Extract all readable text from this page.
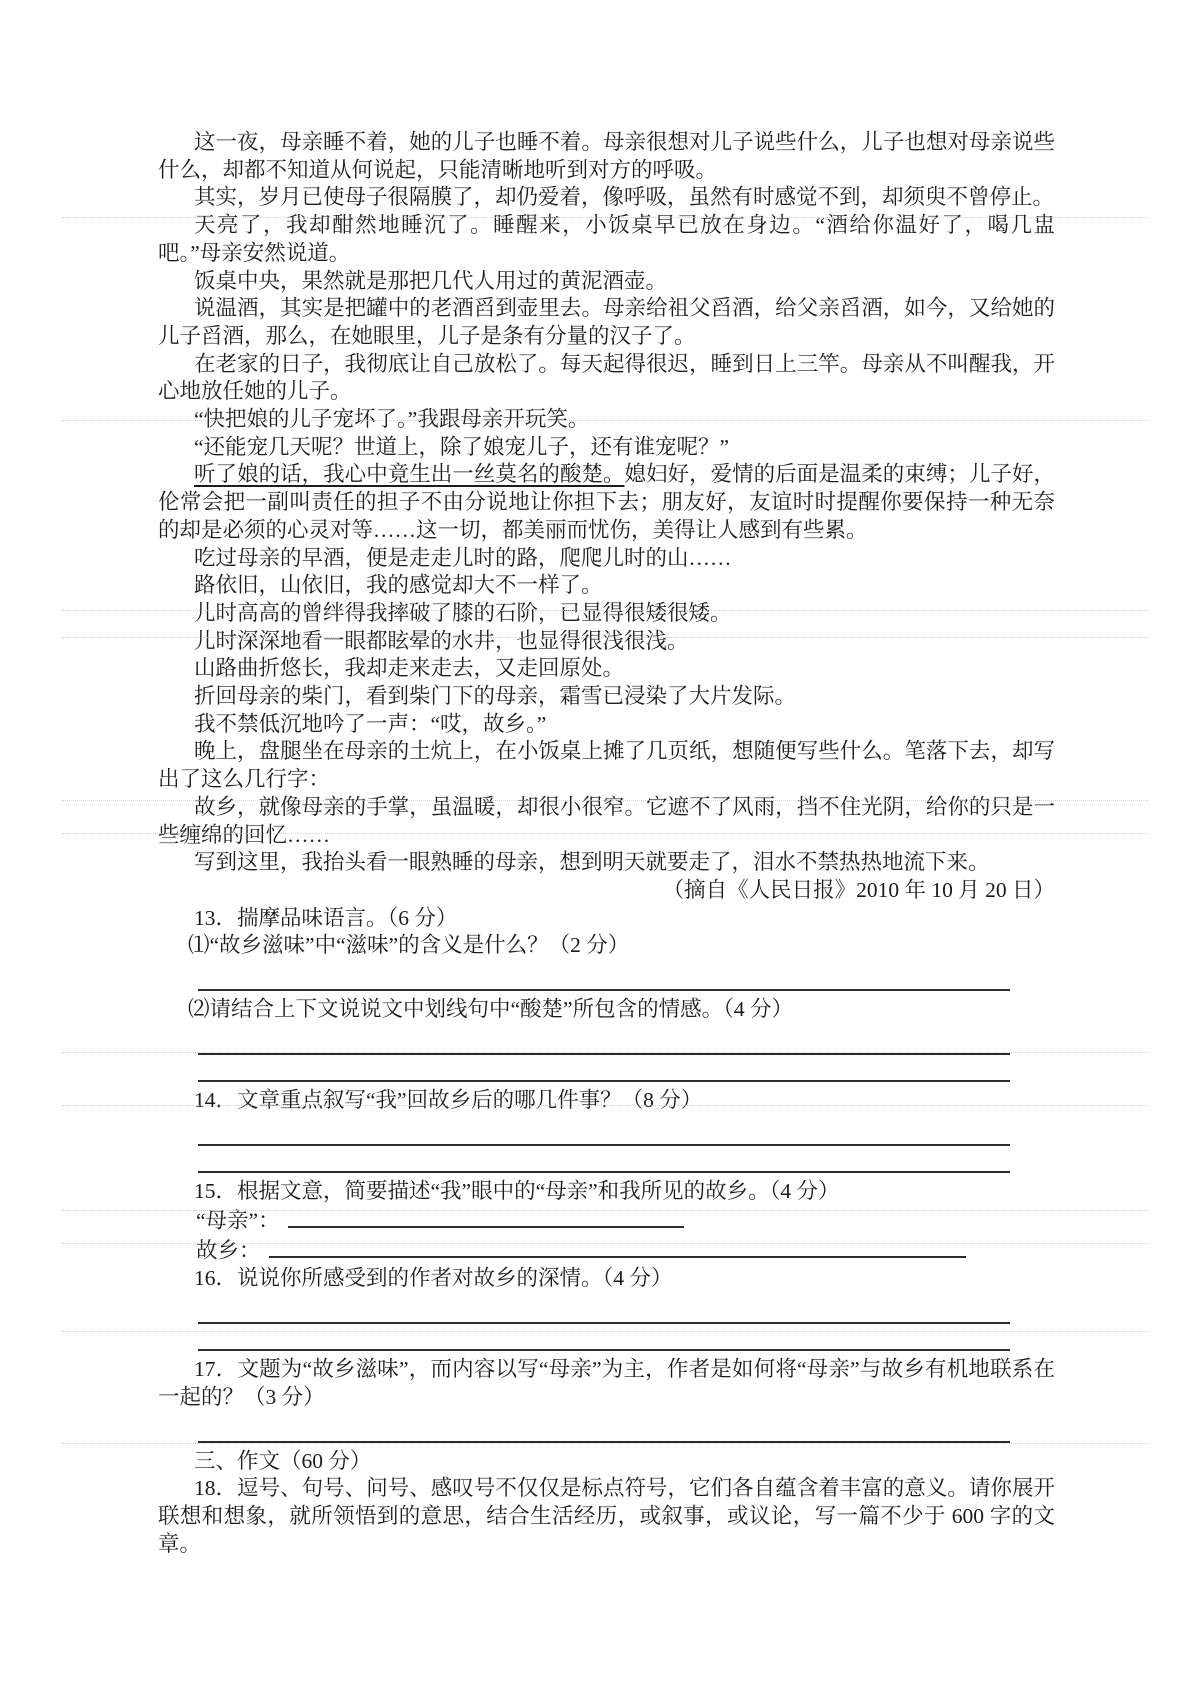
这一夜，母亲睡不着，她的儿子也睡不着。母亲很想对儿子说些什么，儿子也想对母亲说些什么，却都不知道从何说起，只能清晰地听到对方的呼吸。

其实，岁月已使母子很隔膜了，却仍爱着，像呼吸，虽然有时感觉不到，却须臾不曾停止。

天亮了，我却酣然地睡沉了。睡醒来，小饭桌早已放在身边。“酒给你温好了，喝几盅吧。”母亲安然说道。

饭桌中央，果然就是那把几代人用过的黄泥酒壶。

说温酒，其实是把罐中的老酒舀到壶里去。母亲给祖父舀酒，给父亲舀酒，如今，又给她的儿子舀酒，那么，在她眼里，儿子是条有分量的汉子了。

在老家的日子，我彻底让自己放松了。每天起得很迟，睡到日上三竿。母亲从不叫醒我，开心地放任她的儿子。

“快把娘的儿子宠坏了。”我跟母亲开玩笑。

“还能宠几天呢？世道上，除了娘宠儿子，还有谁宠呢？”

听了娘的话，我心中竟生出一丝莫名的酸楚。媳妇好，爱情的后面是温柔的束缚；儿子好，伦常会把一副叫责任的担子不由分说地让你担下去；朋友好，友谊时时提醒你要保持一种无奈的却是必须的心灵对等……这一切，都美丽而忧伤，美得让人感到有些累。

吃过母亲的早酒，便是走走儿时的路，爬爬儿时的山……

路依旧，山依旧，我的感觉却大不一样了。

儿时高高的曾绊得我摔破了膝的石阶，已显得很矮很矮。

儿时深深地看一眼都眩晕的水井，也显得很浅很浅。

山路曲折悠长，我却走来走去，又走回原处。

折回母亲的柴门，看到柴门下的母亲，霜雪已浸染了大片发际。

我不禁低沉地吟了一声：“哎，故乡。”

晚上，盘腿坐在母亲的土炕上，在小饭桌上摊了几页纸，想随便写些什么。笔落下去，却写出了这么几行字：

故乡，就像母亲的手掌，虽温暖，却很小很窄。它遮不了风雨，挡不住光阴，给你的只是一些缠绵的回忆……

写到这里，我抬头看一眼熟睡的母亲，想到明天就要走了，泪水不禁热热地流下来。

（摘自《人民日报》2010 年 10 月 20 日）

13．揣摩品味语言。（6 分）

⑴“故乡滋味”中“滋味”的含义是什么？（2 分）

⑵请结合上下文说说文中划线句中“酸楚”所包含的情感。（4 分）

14．文章重点叙写“我”回故乡后的哪几件事？（8 分）

15．根据文意，简要描述“我”眼中的“母亲”和我所见的故乡。（4 分）

“母亲”：

故乡：

16．说说你所感受到的作者对故乡的深情。（4 分）

17．文题为“故乡滋味”，而内容以写“母亲”为主，作者是如何将“母亲”与故乡有机地联系在一起的？（3 分）

三、作文（60 分）

18．逗号、句号、问号、感叹号不仅仅是标点符号，它们各自蕴含着丰富的意义。请你展开联想和想象，就所领悟到的意思，结合生活经历，或叙事，或议论，写一篇不少于 600 字的文章。
